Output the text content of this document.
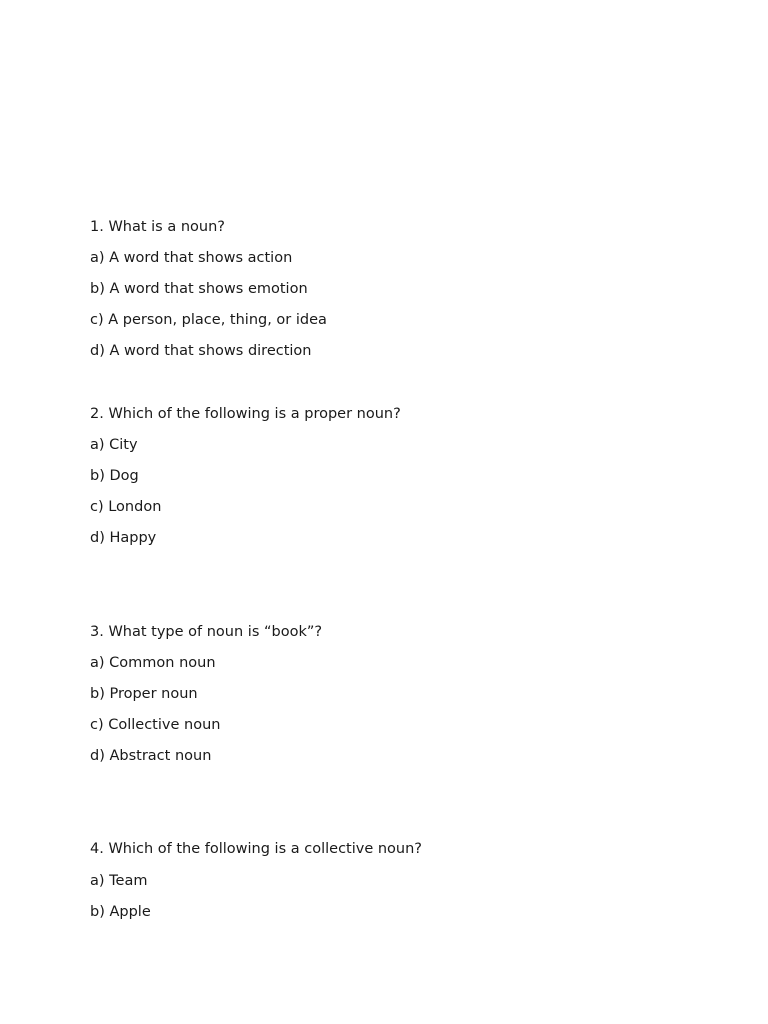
1. What is a noun?
a) A word that shows action
b) A word that shows emotion
c) A person, place, thing, or idea
d) A word that shows direction
2. Which of the following is a proper noun?
a) City
b) Dog
c) London
d) Happy
3. What type of noun is “book”?
a) Common noun
b) Proper noun
c) Collective noun
d) Abstract noun
4. Which of the following is a collective noun?
a) Team
b) Apple
